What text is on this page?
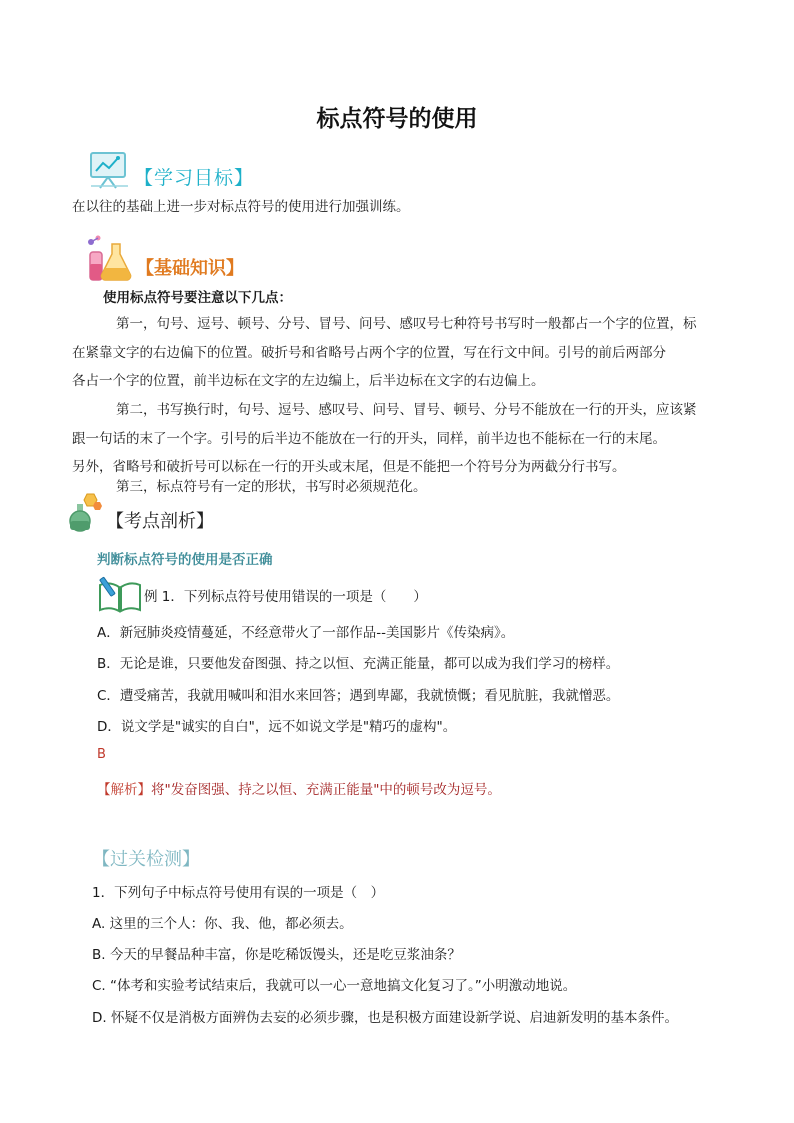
标点符号的使用
【学习目标】
在以往的基础上进一步对标点符号的使用进行加强训练。
【基础知识】
使用标点符号要注意以下几点：
第一，句号、逗号、顿号、分号、冒号、问号、感叹号七种符号书写时一般都占一个字的位置，标
在紧靠文字的右边偏下的位置。破折号和省略号占两个字的位置，写在行文中间。引号的前后两部分
各占一个字的位置，前半边标在文字的左边编上，后半边标在文字的右边偏上。
第二，书写换行时，句号、逗号、感叹号、问号、冒号、顿号、分号不能放在一行的开头，应该紧
跟一句话的末了一个字。引号的后半边不能放在一行的开头，同样，前半边也不能标在一行的末尾。
另外，省略号和破折号可以标在一行的开头或末尾，但是不能把一个符号分为两截分行书写。
第三，标点符号有一定的形状，书写时必须规范化。
【考点剖析】
判断标点符号的使用是否正确
例 1．下列标点符号使用错误的一项是（　　）
A．新冠肺炎疫情蔓延，不经意带火了一部作品--美国影片《传染病》。
B．无论是谁，只要他发奋图强、持之以恒、充满正能量，都可以成为我们学习的榜样。
C．遭受痛苦，我就用喊叫和泪水来回答；遇到卑鄙，我就愤慨；看见肮脏，我就憎恶。
D．说文学是"诚实的自白"，远不如说文学是"精巧的虚构"。
B
【解析】将"发奋图强、持之以恒、充满正能量"中的顿号改为逗号。
【过关检测】
1．下列句子中标点符号使用有误的一项是（　）
A. 这里的三个人：你、我、他，都必须去。
B. 今天的早餐品种丰富，你是吃稀饭馒头，还是吃豆浆油条？
C. “体考和实验考试结束后，我就可以一心一意地搞文化复习了。”小明激动地说。
D. 怀疑不仅是消极方面辨伪去妄的必须步骤，也是积极方面建设新学说、启迪新发明的基本条件。
